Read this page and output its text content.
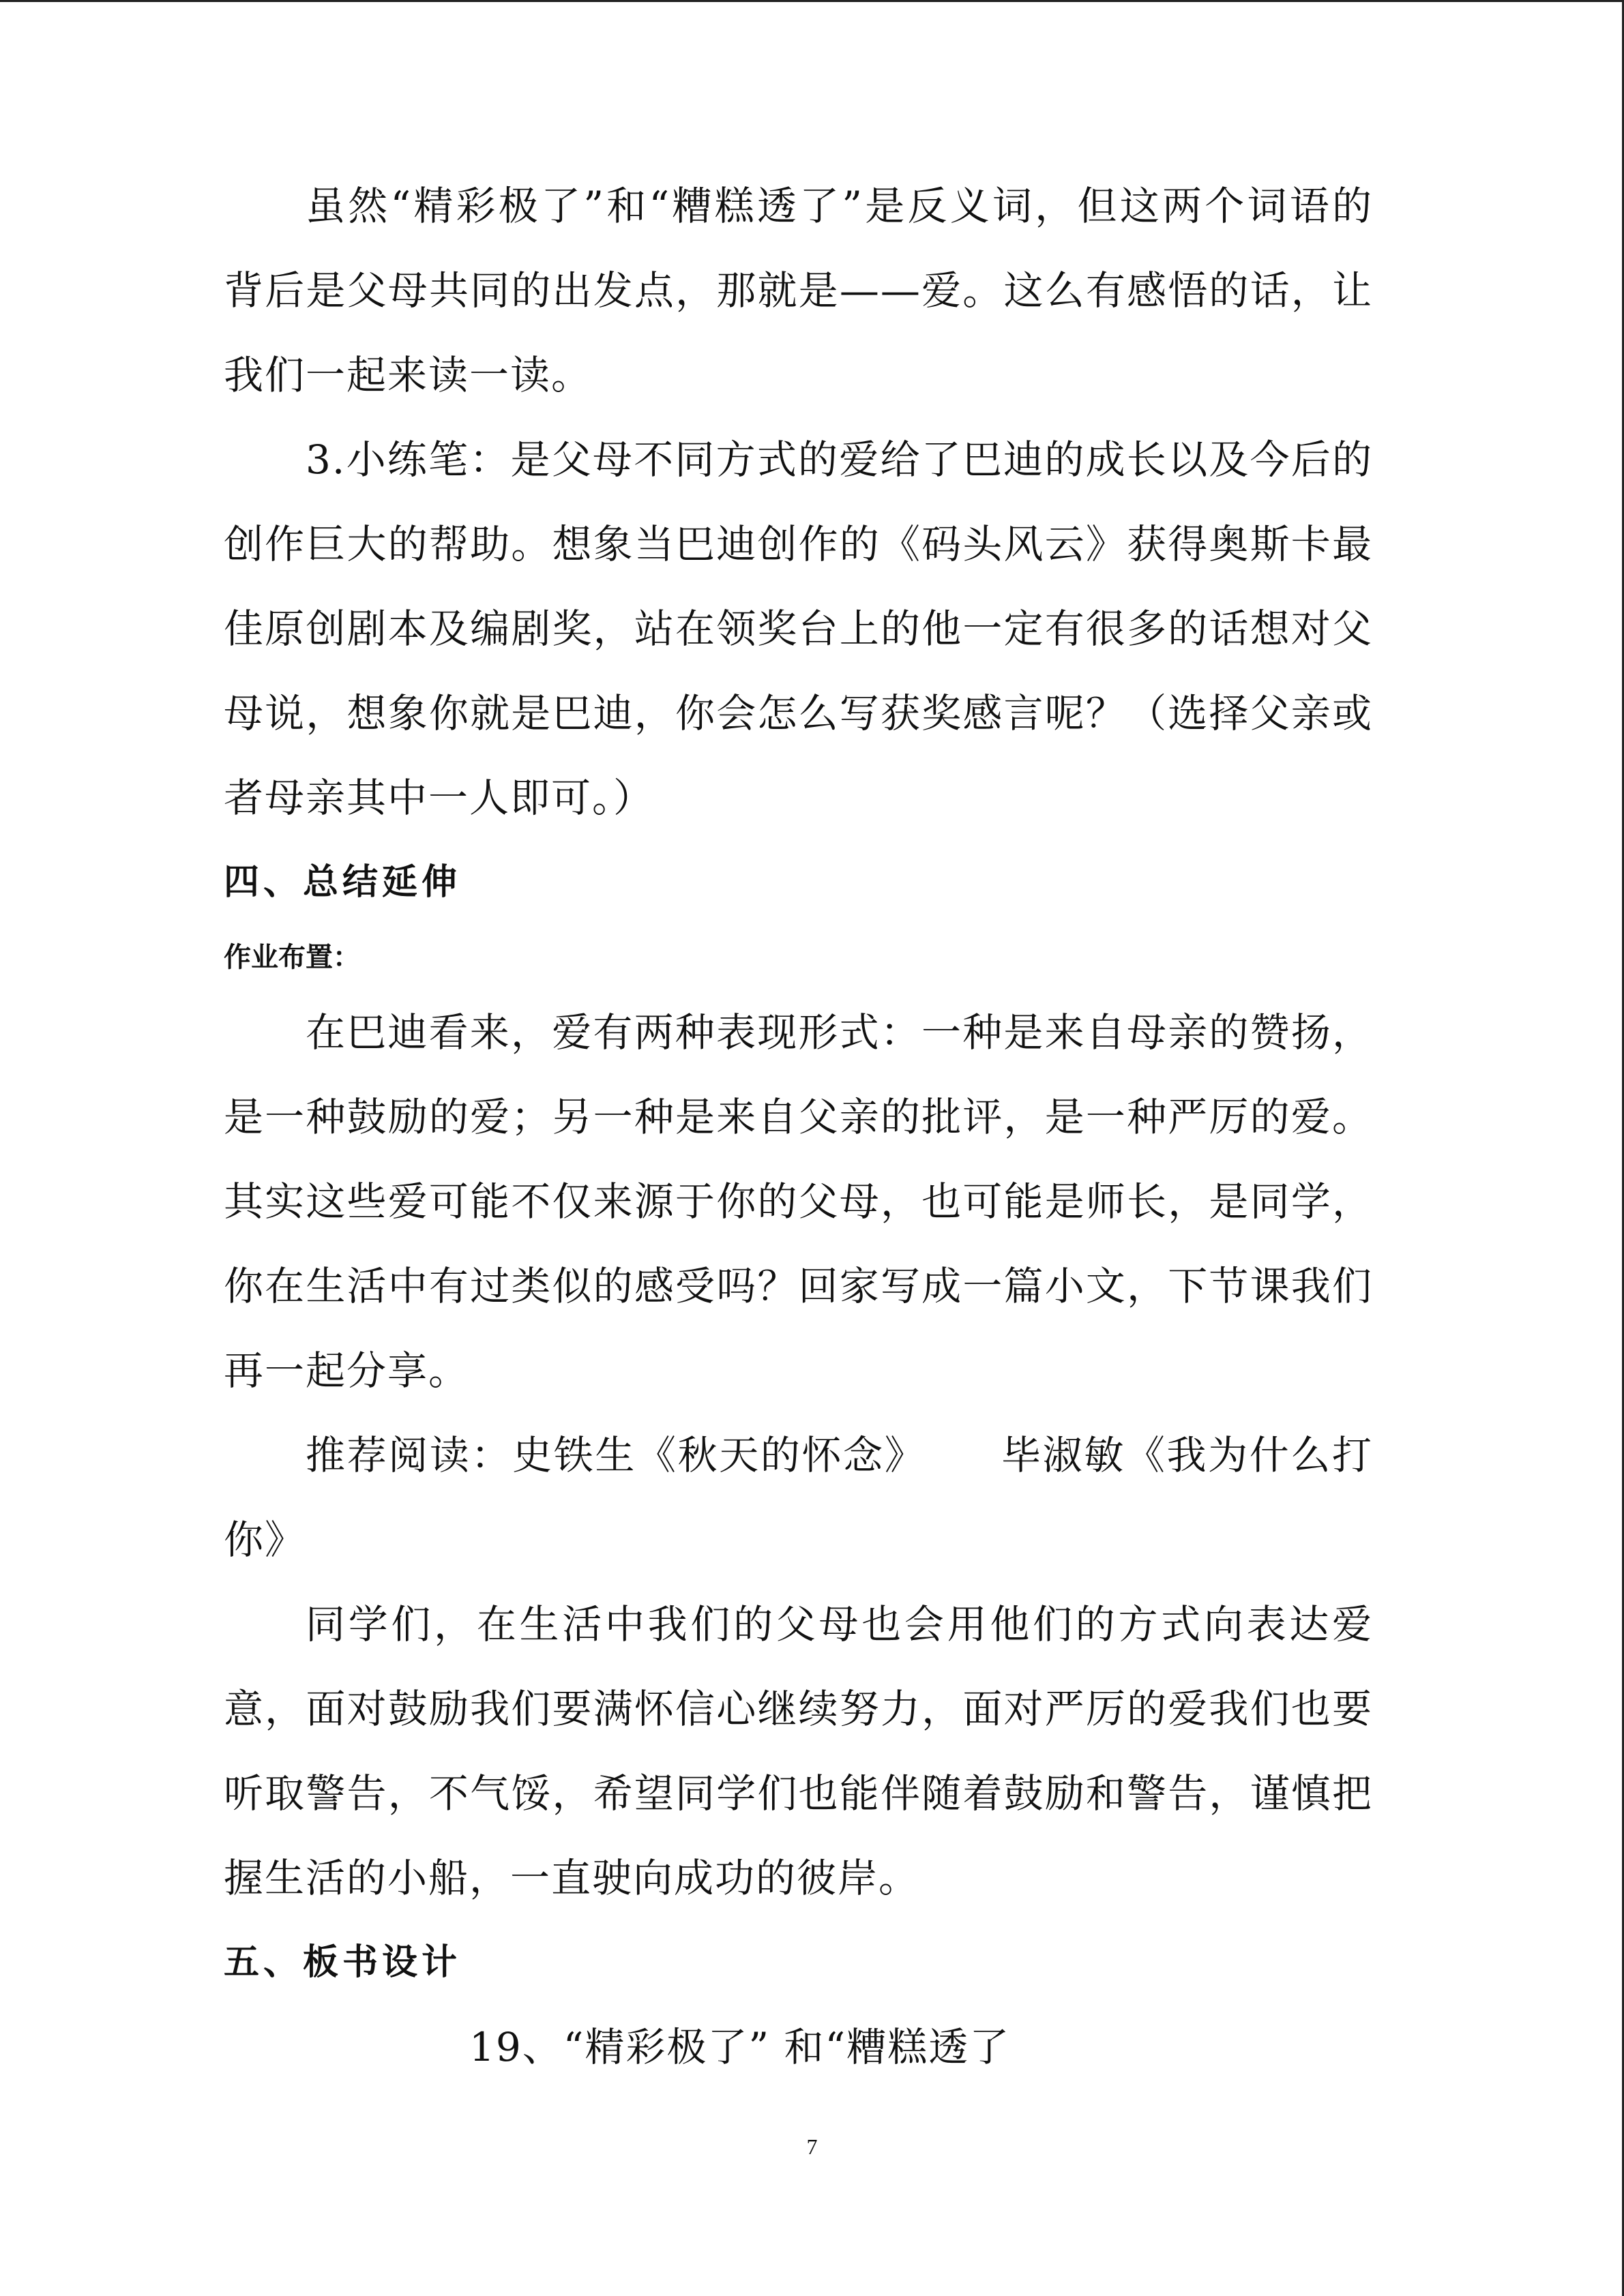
虽然“精彩极了”和“糟糕透了”是反义词，但这两个词语的背后是父母共同的出发点，那就是——爱。这么有感悟的话，让我们一起来读一读。

3.小练笔：是父母不同方式的爱给了巴迪的成长以及今后的创作巨大的帮助。想象当巴迪创作的《码头风云》获得奥斯卡最佳原创剧本及编剧奖，站在领奖台上的他一定有很多的话想对父母说，想象你就是巴迪，你会怎么写获奖感言呢？（选择父亲或者母亲其中一人即可。）

四、总结延伸

作业布置：

在巴迪看来，爱有两种表现形式：一种是来自母亲的赞扬，是一种鼓励的爱；另一种是来自父亲的批评，是一种严厉的爱。其实这些爱可能不仅来源于你的父母，也可能是师长，是同学，你在生活中有过类似的感受吗？回家写成一篇小文，下节课我们再一起分享。

推荐阅读：史铁生《秋天的怀念》 毕淑敏《我为什么打你》

同学们，在生活中我们的父母也会用他们的方式向表达爱意，面对鼓励我们要满怀信心继续努力，面对严厉的爱我们也要听取警告，不气馁，希望同学们也能伴随着鼓励和警告，谨慎把握生活的小船，一直驶向成功的彼岸。

五、板书设计

19、“精彩极了” 和“糟糕透了

7
